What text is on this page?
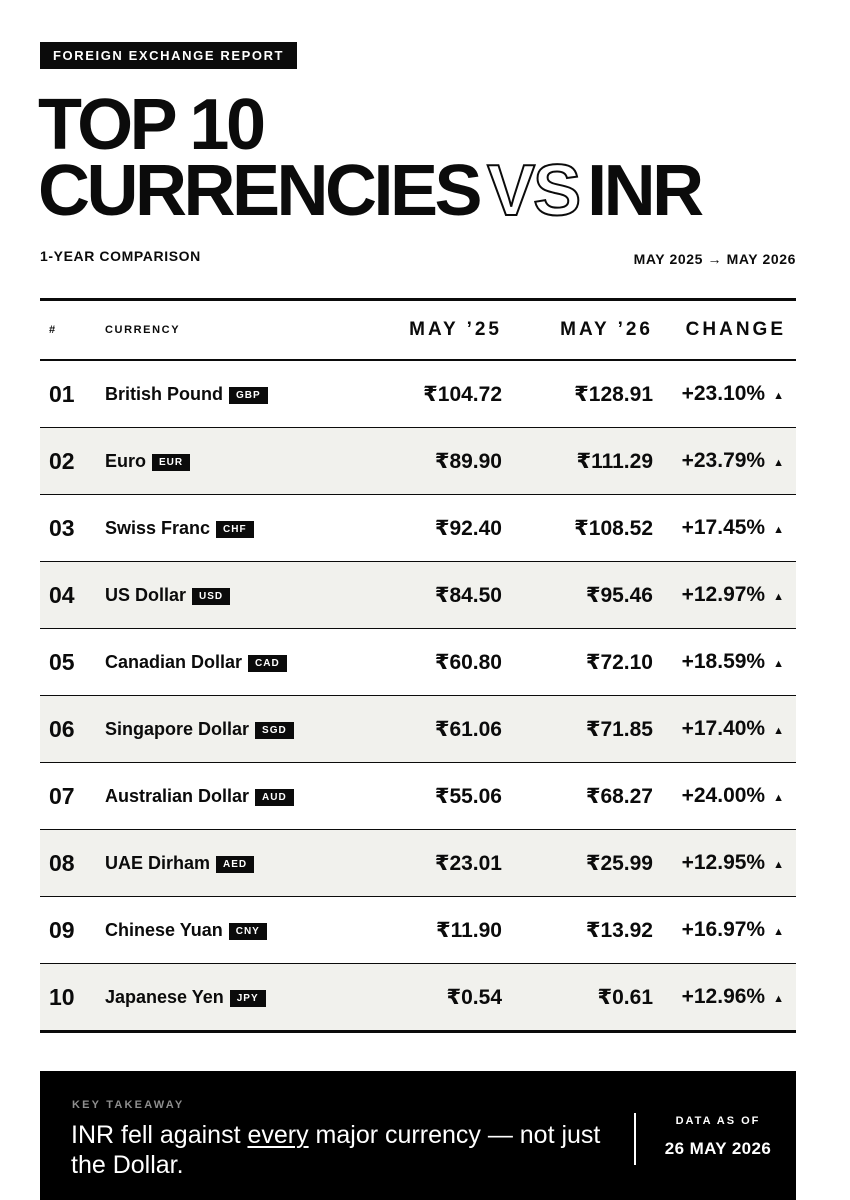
FOREIGN EXCHANGE REPORT
TOP 10
CURRENCIES VS INR
1-YEAR COMPARISON	MAY 2025 → MAY 2026
#	CURRENCY	MAY ’25	MAY ’26	CHANGE
01	British Pound GBP	₹104.72	₹128.91	+23.10% ▲
02	Euro EUR	₹89.90	₹111.29	+23.79% ▲
03	Swiss Franc CHF	₹92.40	₹108.52	+17.45% ▲
04	US Dollar USD	₹84.50	₹95.46	+12.97% ▲
05	Canadian Dollar CAD	₹60.80	₹72.10	+18.59% ▲
06	Singapore Dollar SGD	₹61.06	₹71.85	+17.40% ▲
07	Australian Dollar AUD	₹55.06	₹68.27	+24.00% ▲
08	UAE Dirham AED	₹23.01	₹25.99	+12.95% ▲
09	Chinese Yuan CNY	₹11.90	₹13.92	+16.97% ▲
10	Japanese Yen JPY	₹0.54	₹0.61	+12.96% ▲
KEY TAKEAWAY
INR fell against every major currency — not just the Dollar.
DATA AS OF
26 MAY 2026
